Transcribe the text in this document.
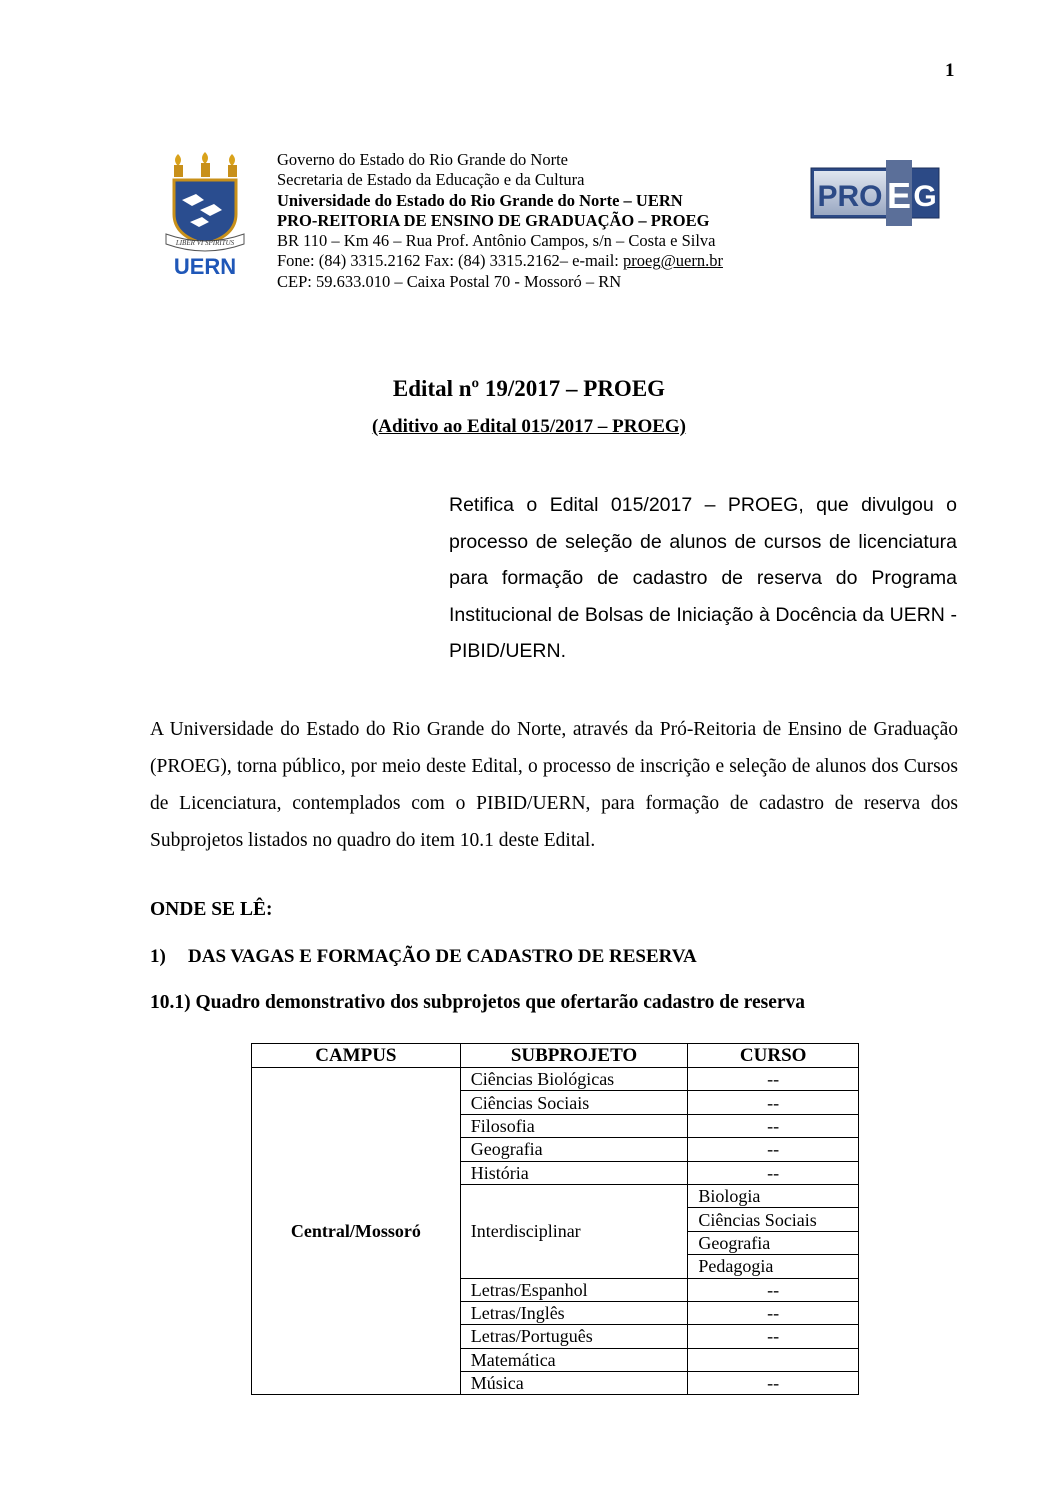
1
LIBER VI SPIRITUS
UERN
Governo do Estado do Rio Grande do Norte
Secretaria de Estado da Educação e da Cultura
Universidade do Estado do Rio Grande do Norte – UERN
PRO-REITORIA DE ENSINO DE GRADUAÇÃO – PROEG
BR 110 – Km 46 – Rua Prof. Antônio Campos, s/n – Costa e Silva
Fone: (84) 3315.2162 Fax: (84) 3315.2162– e-mail: proeg@uern.br
CEP: 59.633.010 – Caixa Postal 70 - Mossoró – RN
PRO E G
Edital nº 19/2017 – PROEG
(Aditivo ao Edital 015/2017 – PROEG)
Retifica o Edital 015/2017 – PROEG, que divulgou o processo de seleção de alunos de cursos de licenciatura para formação de cadastro de reserva do Programa Institucional de Bolsas de Iniciação à Docência da UERN - PIBID/UERN.
A Universidade do Estado do Rio Grande do Norte, através da Pró-Reitoria de Ensino de Graduação (PROEG), torna público, por meio deste Edital, o processo de inscrição e seleção de alunos dos Cursos de Licenciatura, contemplados com o PIBID/UERN, para formação de cadastro de reserva dos Subprojetos listados no quadro do item 10.1 deste Edital.
ONDE SE LÊ:
1) DAS VAGAS E FORMAÇÃO DE CADASTRO DE RESERVA
10.1) Quadro demonstrativo dos subprojetos que ofertarão cadastro de reserva
CAMPUS	SUBPROJETO	CURSO
Central/Mossoró	Ciências Biológicas	--
	Ciências Sociais	--
	Filosofia	--
	Geografia	--
	História	--
	Interdisciplinar	Biologia
		Ciências Sociais
		Geografia
		Pedagogia
	Letras/Espanhol	--
	Letras/Inglês	--
	Letras/Português	--
	Matemática	
	Música	--
